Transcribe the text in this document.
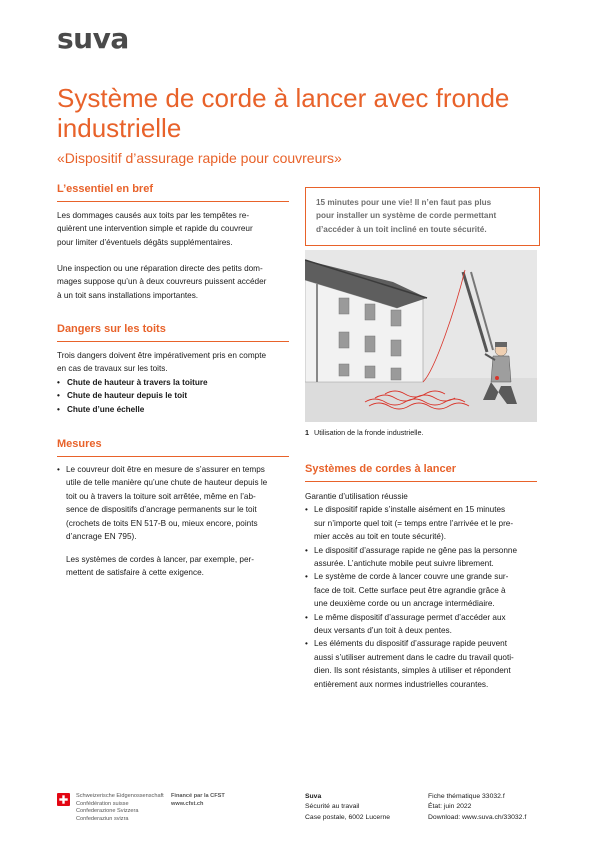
suva
Système de corde à lancer avec fronde industrielle
«Dispositif d’assurage rapide pour couvreurs»
L’essentiel en bref
Les dommages causés aux toits par les tempêtes re-
quièrent une intervention simple et rapide du couvreur
pour limiter d’éventuels dégâts supplémentaires.
Une inspection ou une réparation directe des petits dom-
mages suppose qu’un à deux couvreurs puissent accéder
à un toit sans installations importantes.
Dangers sur les toits
Trois dangers doivent être impérativement pris en compte
en cas de travaux sur les toits.
• Chute de hauteur à travers la toiture
• Chute de hauteur depuis le toit
• Chute d’une échelle
Mesures
• Le couvreur doit être en mesure de s’assurer en temps
utile de telle manière qu’une chute de hauteur depuis le
toit ou à travers la toiture soit arrêtée, même en l’ab-
sence de dispositifs d’ancrage permanents sur le toit
(crochets de toits EN 517-B ou, mieux encore, points
d’ancrage EN 795).
Les systèmes de cordes à lancer, par exemple, per-
mettent de satisfaire à cette exigence.
15 minutes pour une vie! Il n’en faut pas plus
pour installer un système de corde permettant
d’accéder à un toit incliné en toute sécurité.
1 Utilisation de la fronde industrielle.
Systèmes de cordes à lancer
Garantie d’utilisation réussie
• Le dispositif rapide s’installe aisément en 15 minutes
sur n’importe quel toit (= temps entre l’arrivée et le pre-
mier accès au toit en toute sécurité).
• Le dispositif d’assurage rapide ne gêne pas la personne
assurée. L’antichute mobile peut suivre librement.
• Le système de corde à lancer couvre une grande sur-
face de toit. Cette surface peut être agrandie grâce à
une deuxième corde ou un ancrage intermédiaire.
• Le même dispositif d’assurage permet d’accéder aux
deux versants d’un toit à deux pentes.
• Les éléments du dispositif d’assurage rapide peuvent
aussi s’utiliser autrement dans le cadre du travail quoti-
dien. Ils sont résistants, simples à utiliser et répondent
entièrement aux normes industrielles courantes.
Schweizerische Eidgenossenschaft
Confédération suisse
Confederazione Svizzera
Confederaziun svizra
Financé par la CFST
www.cfst.ch
Suva
Sécurité au travail
Case postale, 6002 Lucerne
Fiche thématique 33032.f
État: juin 2022
Download: www.suva.ch/33032.f
